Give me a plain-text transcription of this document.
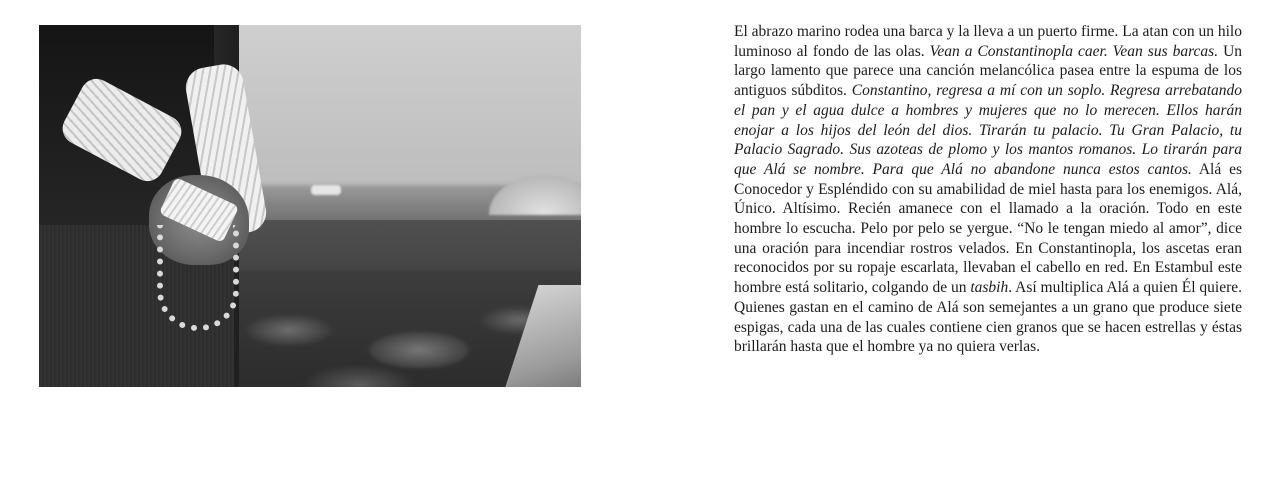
El abrazo marino rodea una barca y la lleva a un puerto firme. La atan con un hilo luminoso al fondo de las olas. Vean a Constantinopla caer. Vean sus barcas. Un largo lamento que parece una canción melancólica pasea entre la espuma de los antiguos súbditos. Constantino, regresa a mí con un soplo. Regresa arrebatando el pan y el agua dulce a hombres y mujeres que no lo merecen. Ellos harán enojar a los hijos del león del dios. Tirarán tu palacio. Tu Gran Palacio, tu Palacio Sagrado. Sus azoteas de plomo y los mantos romanos. Lo tirarán para que Alá se nombre. Para que Alá no abandone nunca estos cantos. Alá es Conocedor y Espléndido con su amabilidad de miel hasta para los enemigos. Alá, Único. Altísimo. Recién amanece con el llamado a la oración. Todo en este hombre lo escucha. Pelo por pelo se yergue. “No le tengan miedo al amor”, dice una oración para incendiar rostros velados. En Constantinopla, los ascetas eran reconocidos por su ropaje escarlata, llevaban el cabello en red. En Estambul este hombre está solitario, colgando de un tasbih. Así multiplica Alá a quien Él quiere. Quienes gastan en el camino de Alá son semejantes a un grano que produce siete espigas, cada una de las cuales contiene cien granos que se hacen estrellas y éstas brillarán hasta que el hombre ya no quiera verlas.
